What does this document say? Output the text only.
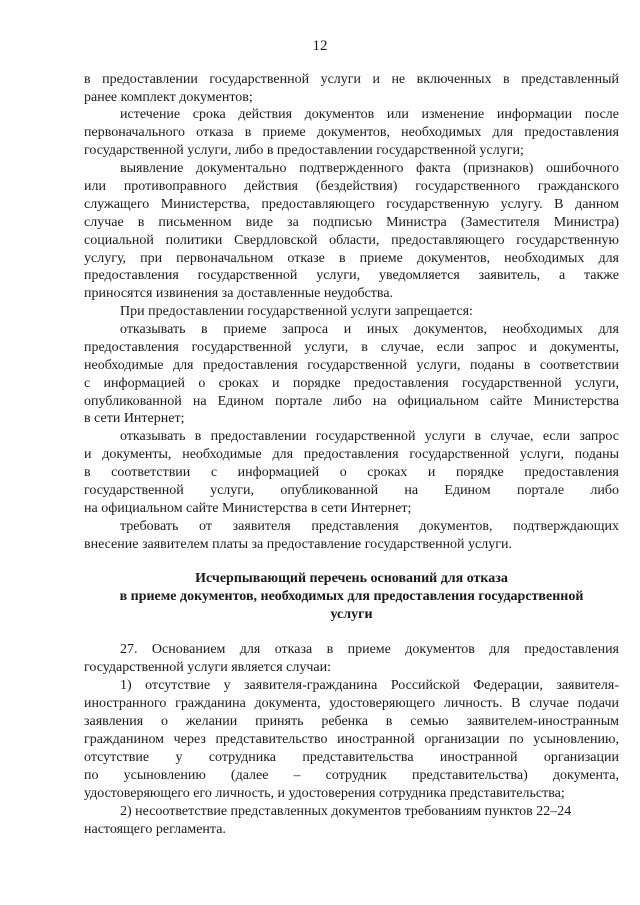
12
в предоставлении государственной услуги и не включенных в представленный
ранее комплект документов;
истечение срока действия документов или изменение информации после
первоначального отказа в приеме документов, необходимых для предоставления
государственной услуги, либо в предоставлении государственной услуги;
выявление документально подтвержденного факта (признаков) ошибочного
или противоправного действия (бездействия) государственного гражданского
служащего Министерства, предоставляющего государственную услугу. В данном
случае в письменном виде за подписью Министра (Заместителя Министра)
социальной политики Свердловской области, предоставляющего государственную
услугу, при первоначальном отказе в приеме документов, необходимых для
предоставления государственной услуги, уведомляется заявитель, а также
приносятся извинения за доставленные неудобства.
При предоставлении государственной услуги запрещается:
отказывать в приеме запроса и иных документов, необходимых для
предоставления государственной услуги, в случае, если запрос и документы,
необходимые для предоставления государственной услуги, поданы в соответствии
с информацией о сроках и порядке предоставления государственной услуги,
опубликованной на Едином портале либо на официальном сайте Министерства
в сети Интернет;
отказывать в предоставлении государственной услуги в случае, если запрос
и документы, необходимые для предоставления государственной услуги, поданы
в соответствии с информацией о сроках и порядке предоставления
государственной услуги, опубликованной на Едином портале либо
на официальном сайте Министерства в сети Интернет;
требовать от заявителя представления документов, подтверждающих
внесение заявителем платы за предоставление государственной услуги.
Исчерпывающий перечень оснований для отказа
в приеме документов, необходимых для предоставления государственной
услуги
27. Основанием для отказа в приеме документов для предоставления
государственной услуги является случаи:
1) отсутствие у заявителя-гражданина Российской Федерации, заявителя-
иностранного гражданина документа, удостоверяющего личность. В случае подачи
заявления о желании принять ребенка в семью заявителем-иностранным
гражданином через представительство иностранной организации по усыновлению,
отсутствие у сотрудника представительства иностранной организации
по усыновлению (далее – сотрудник представительства) документа,
удостоверяющего его личность, и удостоверения сотрудника представительства;
2) несоответствие представленных документов требованиям пунктов 22–24
настоящего регламента.
